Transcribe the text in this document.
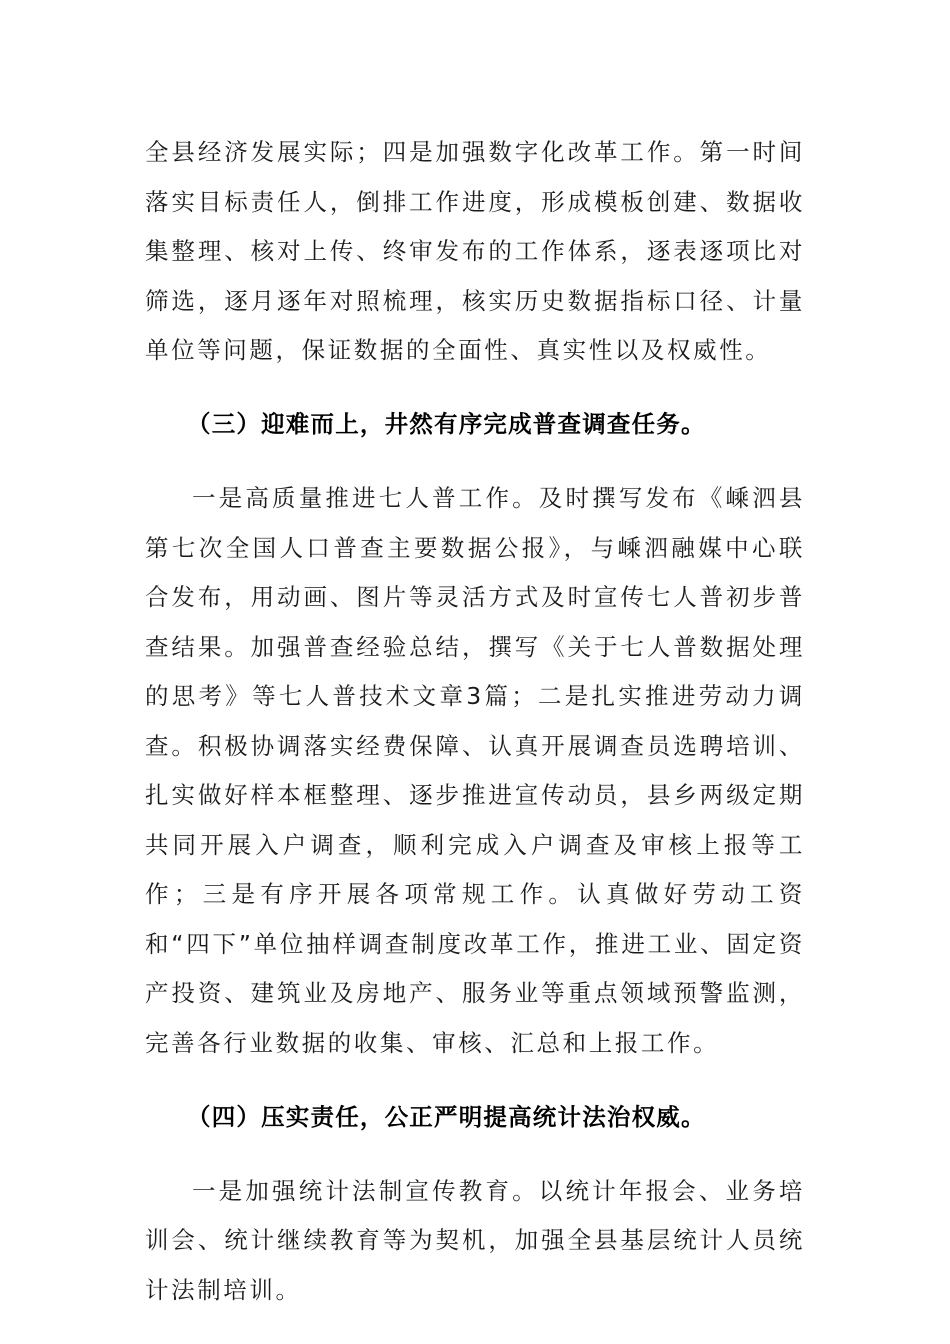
全县经济发展实际；四是加强数字化改革工作。第一时间落实目标责任人，倒排工作进度，形成模板创建、数据收集整理、核对上传、终审发布的工作体系，逐表逐项比对筛选，逐月逐年对照梳理，核实历史数据指标口径、计量单位等问题，保证数据的全面性、真实性以及权威性。

（三）迎难而上，井然有序完成普查调查任务。

一是高质量推进七人普工作。及时撰写发布《嵊泗县第七次全国人口普查主要数据公报》，与嵊泗融媒中心联合发布，用动画、图片等灵活方式及时宣传七人普初步普查结果。加强普查经验总结，撰写《关于七人普数据处理的思考》等七人普技术文章3篇；二是扎实推进劳动力调查。积极协调落实经费保障、认真开展调查员选聘培训、扎实做好样本框整理、逐步推进宣传动员，县乡两级定期共同开展入户调查，顺利完成入户调查及审核上报等工作；三是有序开展各项常规工作。认真做好劳动工资和“四下”单位抽样调查制度改革工作，推进工业、固定资产投资、建筑业及房地产、服务业等重点领域预警监测，完善各行业数据的收集、审核、汇总和上报工作。

（四）压实责任，公正严明提高统计法治权威。

一是加强统计法制宣传教育。以统计年报会、业务培训会、统计继续教育等为契机，加强全县基层统计人员统计法制培训。
